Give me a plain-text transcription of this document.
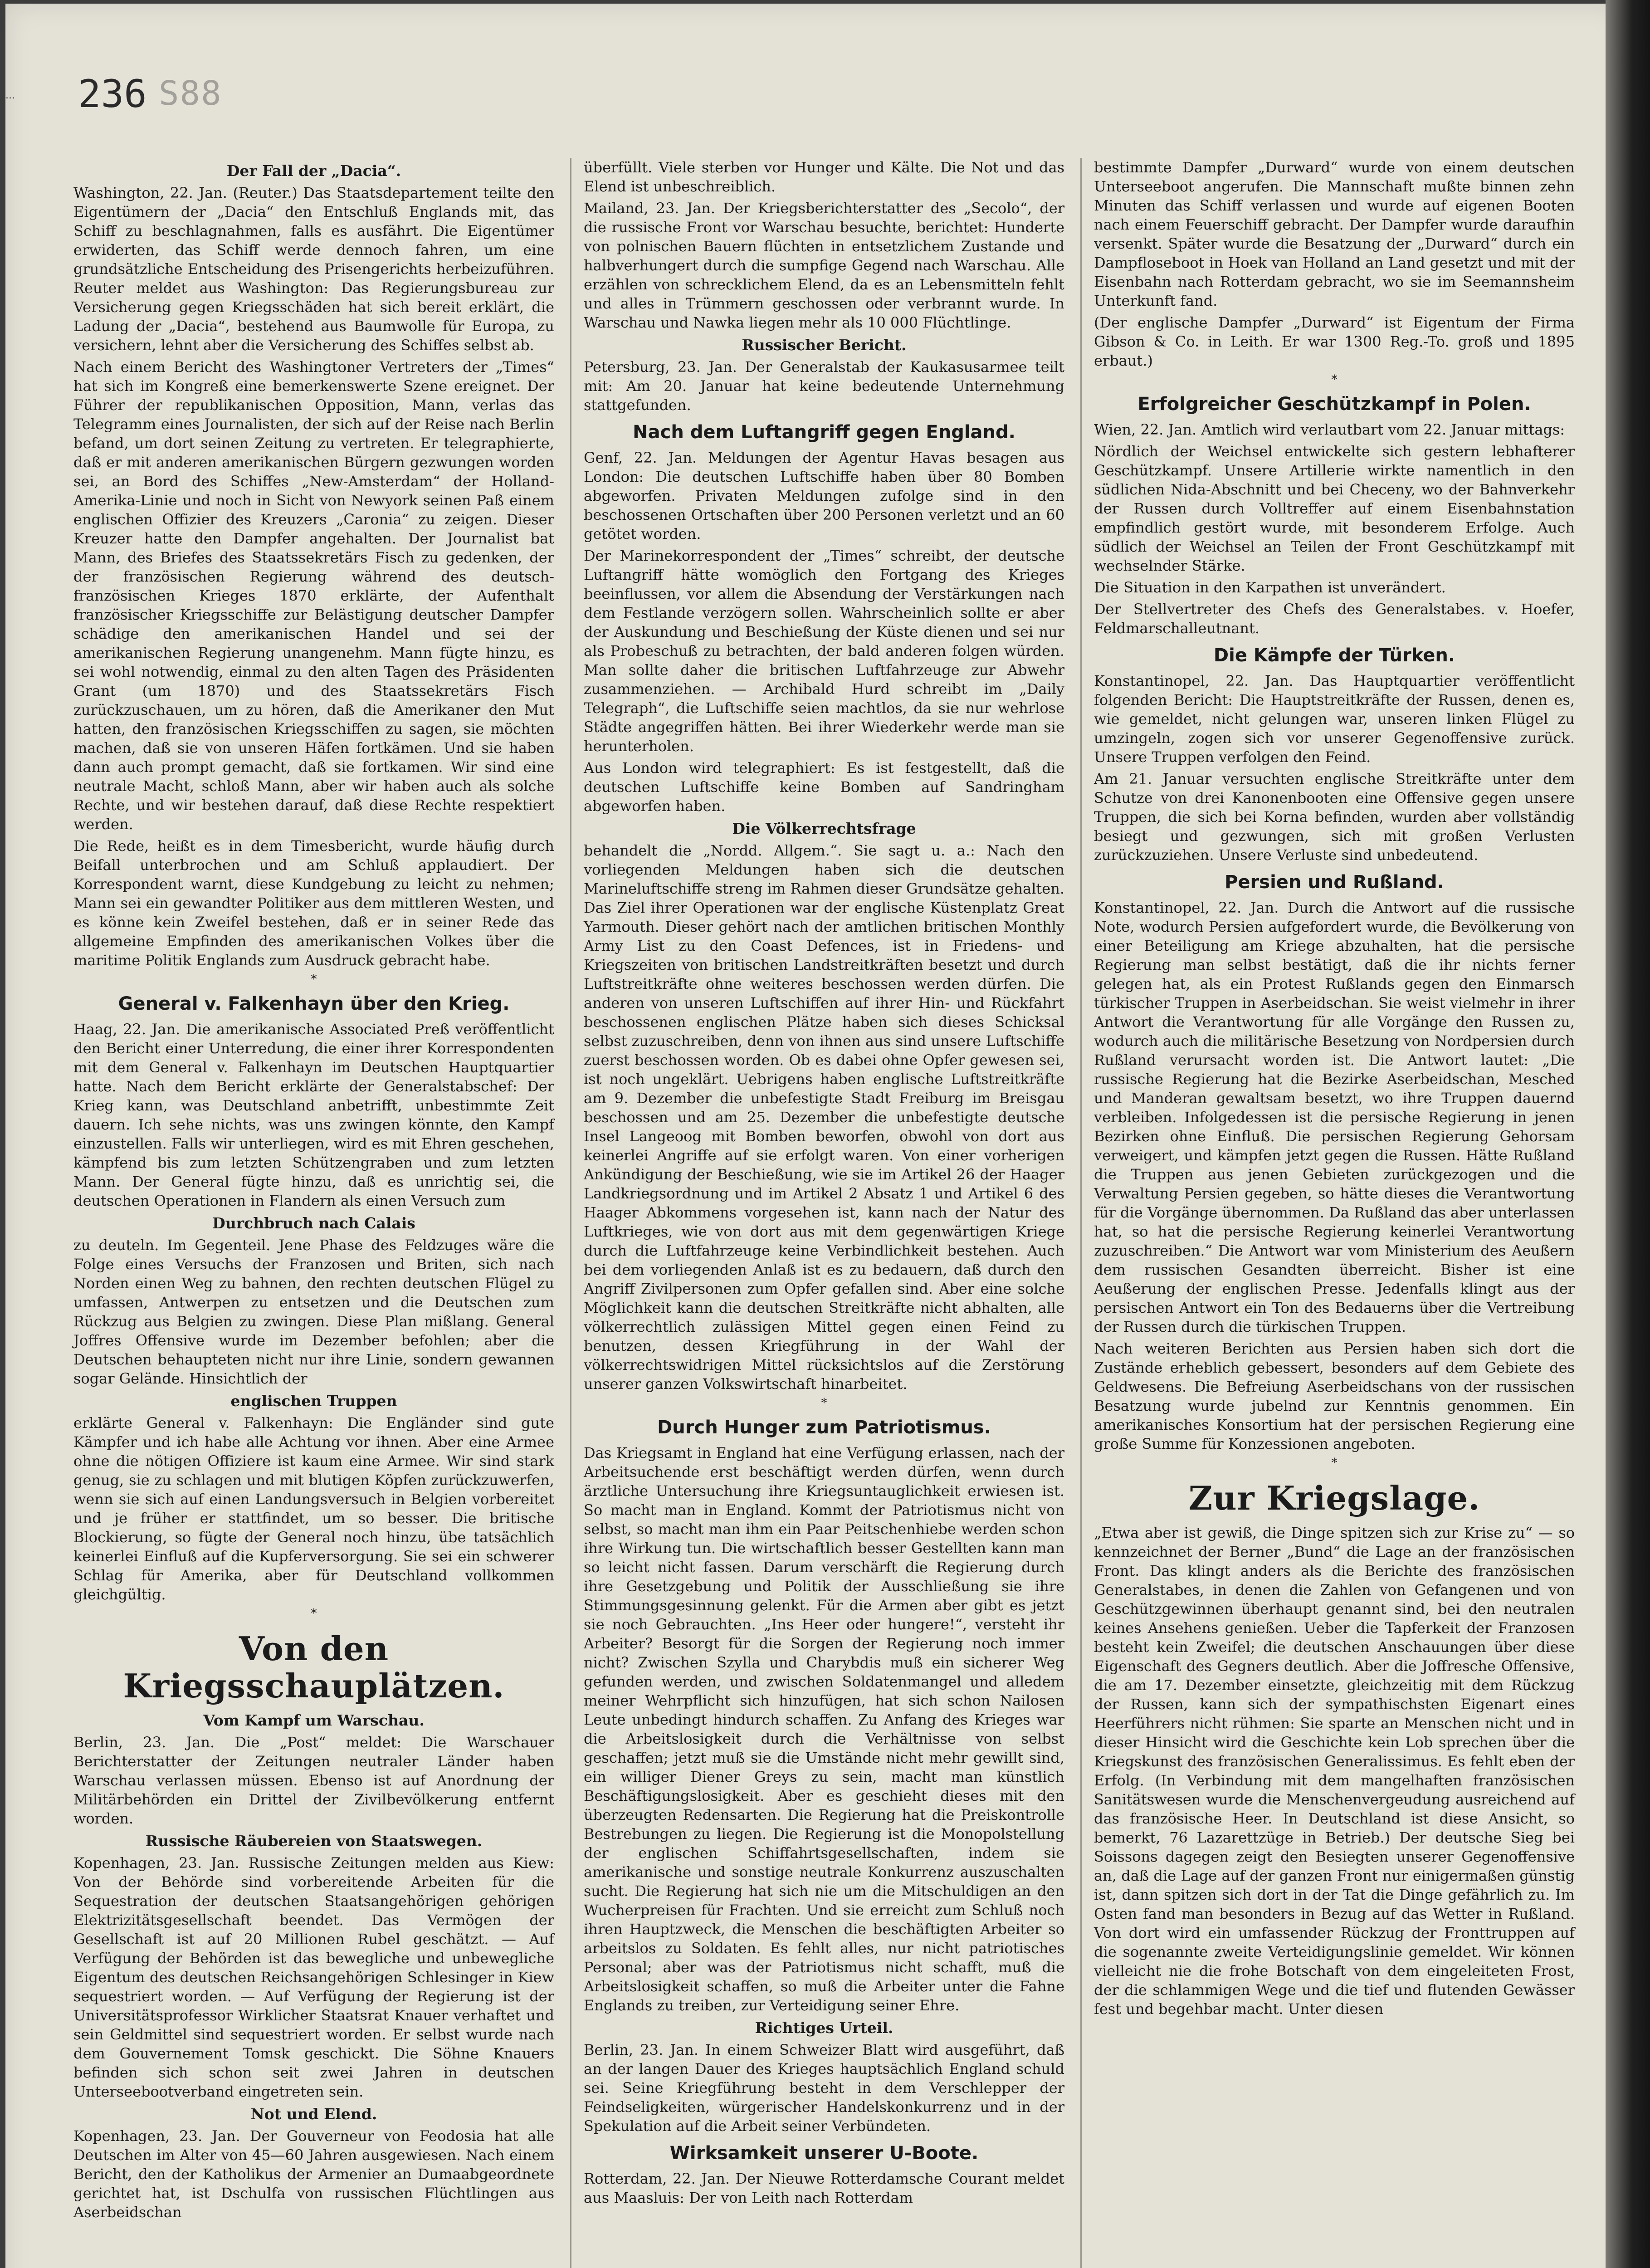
... 236 S88
Der Fall der „Dacia“.

Washington, 22. Jan. (Reuter.) Das Staatsdepartement teilte den Eigentümern der „Dacia“ den Entschluß Englands mit, das Schiff zu beschlagnahmen, falls es ausfährt. Die Eigentümer erwiderten, das Schiff werde dennoch fahren, um eine grundsätzliche Entscheidung des Prisengerichts herbeizuführen. Reuter meldet aus Washington: Das Regierungsbureau zur Versicherung gegen Kriegsschäden hat sich bereit erklärt, die Ladung der „Dacia“, bestehend aus Baumwolle für Europa, zu versichern, lehnt aber die Versicherung des Schiffes selbst ab.

Nach einem Bericht des Washingtoner Vertreters der „Times“ hat sich im Kongreß eine bemerkenswerte Szene ereignet. Der Führer der republikanischen Opposition, Mann, verlas das Telegramm eines Journalisten, der sich auf der Reise nach Berlin befand, um dort seinen Zeitung zu vertreten. Er telegraphierte, daß er mit anderen amerikanischen Bürgern gezwungen worden sei, an Bord des Schiffes „New-Amsterdam“ der Holland-Amerika-Linie und noch in Sicht von Newyork seinen Paß einem englischen Offizier des Kreuzers „Caronia“ zu zeigen. Dieser Kreuzer hatte den Dampfer angehalten. Der Journalist bat Mann, des Briefes des Staatssekretärs Fisch zu gedenken, der der französischen Regierung während des deutsch-französischen Krieges 1870 erklärte, der Aufenthalt französischer Kriegsschiffe zur Belästigung deutscher Dampfer schädige den amerikanischen Handel und sei der amerikanischen Regierung unangenehm. Mann fügte hinzu, es sei wohl notwendig, einmal zu den alten Tagen des Präsidenten Grant (um 1870) und des Staatssekretärs Fisch zurückzuschauen, um zu hören, daß die Amerikaner den Mut hatten, den französischen Kriegsschiffen zu sagen, sie möchten machen, daß sie von unseren Häfen fortkämen. Und sie haben dann auch prompt gemacht, daß sie fortkamen. Wir sind eine neutrale Macht, schloß Mann, aber wir haben auch als solche Rechte, und wir bestehen darauf, daß diese Rechte respektiert werden.

Die Rede, heißt es in dem Timesbericht, wurde häufig durch Beifall unterbrochen und am Schluß applaudiert. Der Korrespondent warnt, diese Kundgebung zu leicht zu nehmen; Mann sei ein gewandter Politiker aus dem mittleren Westen, und es könne kein Zweifel bestehen, daß er in seiner Rede das allgemeine Empfinden des amerikanischen Volkes über die maritime Politik Englands zum Ausdruck gebracht habe.

*
General v. Falkenhayn über den Krieg.

Haag, 22. Jan. Die amerikanische Associated Preß veröffentlicht den Bericht einer Unterredung, die einer ihrer Korrespondenten mit dem General v. Falkenhayn im Deutschen Hauptquartier hatte. Nach dem Bericht erklärte der Generalstabschef: Der Krieg kann, was Deutschland anbetrifft, unbestimmte Zeit dauern. Ich sehe nichts, was uns zwingen könnte, den Kampf einzustellen. Falls wir unterliegen, wird es mit Ehren geschehen, kämpfend bis zum letzten Schützengraben und zum letzten Mann. Der General fügte hinzu, daß es unrichtig sei, die deutschen Operationen in Flandern als einen Versuch zum

Durchbruch nach Calais

zu deuteln. Im Gegenteil. Jene Phase des Feldzuges wäre die Folge eines Versuchs der Franzosen und Briten, sich nach Norden einen Weg zu bahnen, den rechten deutschen Flügel zu umfassen, Antwerpen zu entsetzen und die Deutschen zum Rückzug aus Belgien zu zwingen. Diese Plan mißlang. General Joffres Offensive wurde im Dezember befohlen; aber die Deutschen behaupteten nicht nur ihre Linie, sondern gewannen sogar Gelände. Hinsichtlich der

englischen Truppen

erklärte General v. Falkenhayn: Die Engländer sind gute Kämpfer und ich habe alle Achtung vor ihnen. Aber eine Armee ohne die nötigen Offiziere ist kaum eine Armee. Wir sind stark genug, sie zu schlagen und mit blutigen Köpfen zurückzuwerfen, wenn sie sich auf einen Landungsversuch in Belgien vorbereitet und je früher er stattfindet, um so besser. Die britische Blockierung, so fügte der General noch hinzu, übe tatsächlich keinerlei Einfluß auf die Kupferversorgung. Sie sei ein schwerer Schlag für Amerika, aber für Deutschland vollkommen gleichgültig.

*
Von den Kriegsschauplätzen.
Vom Kampf um Warschau.

Berlin, 23. Jan. Die „Post“ meldet: Die Warschauer Berichterstatter der Zeitungen neutraler Länder haben Warschau verlassen müssen. Ebenso ist auf Anordnung der Militärbehörden ein Drittel der Zivilbevölkerung entfernt worden.

Russische Räubereien von Staatswegen.

Kopenhagen, 23. Jan. Russische Zeitungen melden aus Kiew: Von der Behörde sind vorbereitende Arbeiten für die Sequestration der deutschen Staatsangehörigen gehörigen Elektrizitätsgesellschaft beendet. Das Vermögen der Gesellschaft ist auf 20 Millionen Rubel geschätzt. — Auf Verfügung der Behörden ist das bewegliche und unbewegliche Eigentum des deutschen Reichsangehörigen Schlesinger in Kiew sequestriert worden. — Auf Verfügung der Regierung ist der Universitätsprofessor Wirklicher Staatsrat Knauer verhaftet und sein Geldmittel sind sequestriert worden. Er selbst wurde nach dem Gouvernement Tomsk geschickt. Die Söhne Knauers befinden sich schon seit zwei Jahren in deutschen Unterseebootverband eingetreten sein.

Not und Elend.

Kopenhagen, 23. Jan. Der Gouverneur von Feodosia hat alle Deutschen im Alter von 45—60 Jahren ausgewiesen. Nach einem Bericht, den der Katholikus der Armenier an Dumaabgeordnete gerichtet hat, ist Dschulfa von russischen Flüchtlingen aus Aserbeidschan

überfüllt. Viele sterben vor Hunger und Kälte. Die Not und das Elend ist unbeschreiblich.

Mailand, 23. Jan. Der Kriegsberichterstatter des „Secolo“, der die russische Front vor Warschau besuchte, berichtet: Hunderte von polnischen Bauern flüchten in entsetzlichem Zustande und halbverhungert durch die sumpfige Gegend nach Warschau. Alle erzählen von schrecklichem Elend, da es an Lebensmitteln fehlt und alles in Trümmern geschossen oder verbrannt wurde. In Warschau und Nawka liegen mehr als 10 000 Flüchtlinge.

Russischer Bericht.

Petersburg, 23. Jan. Der Generalstab der Kaukasusarmee teilt mit: Am 20. Januar hat keine bedeutende Unternehmung stattgefunden.

Nach dem Luftangriff gegen England.

Genf, 22. Jan. Meldungen der Agentur Havas besagen aus London: Die deutschen Luftschiffe haben über 80 Bomben abgeworfen. Privaten Meldungen zufolge sind in den beschossenen Ortschaften über 200 Personen verletzt und an 60 getötet worden.

Der Marinekorrespondent der „Times“ schreibt, der deutsche Luftangriff hätte womöglich den Fortgang des Krieges beeinflussen, vor allem die Absendung der Verstärkungen nach dem Festlande verzögern sollen. Wahrscheinlich sollte er aber der Auskundung und Beschießung der Küste dienen und sei nur als Probeschuß zu betrachten, der bald anderen folgen würden. Man sollte daher die britischen Luftfahrzeuge zur Abwehr zusammenziehen. — Archibald Hurd schreibt im „Daily Telegraph“, die Luftschiffe seien machtlos, da sie nur wehrlose Städte angegriffen hätten. Bei ihrer Wiederkehr werde man sie herunterholen.

Aus London wird telegraphiert: Es ist festgestellt, daß die deutschen Luftschiffe keine Bomben auf Sandringham abgeworfen haben.

Die Völkerrechtsfrage

behandelt die „Nordd. Allgem.“. Sie sagt u. a.: Nach den vorliegenden Meldungen haben sich die deutschen Marineluftschiffe streng im Rahmen dieser Grundsätze gehalten. Das Ziel ihrer Operationen war der englische Küstenplatz Great Yarmouth. Dieser gehört nach der amtlichen britischen Monthly Army List zu den Coast Defences, ist in Friedens- und Kriegszeiten von britischen Landstreitkräften besetzt und durch Luftstreitkräfte ohne weiteres beschossen werden dürfen. Die anderen von unseren Luftschiffen auf ihrer Hin- und Rückfahrt beschossenen englischen Plätze haben sich dieses Schicksal selbst zuzuschreiben, denn von ihnen aus sind unsere Luftschiffe zuerst beschossen worden. Ob es dabei ohne Opfer gewesen sei, ist noch ungeklärt. Uebrigens haben englische Luftstreitkräfte am 9. Dezember die unbefestigte Stadt Freiburg im Breisgau beschossen und am 25. Dezember die unbefestigte deutsche Insel Langeoog mit Bomben beworfen, obwohl von dort aus keinerlei Angriffe auf sie erfolgt waren. Von einer vorherigen Ankündigung der Beschießung, wie sie im Artikel 26 der Haager Landkriegsordnung und im Artikel 2 Absatz 1 und Artikel 6 des Haager Abkommens vorgesehen ist, kann nach der Natur des Luftkrieges, wie von dort aus mit dem gegenwärtigen Kriege durch die Luftfahrzeuge keine Verbindlichkeit bestehen. Auch bei dem vorliegenden Anlaß ist es zu bedauern, daß durch den Angriff Zivilpersonen zum Opfer gefallen sind. Aber eine solche Möglichkeit kann die deutschen Streitkräfte nicht abhalten, alle völkerrechtlich zulässigen Mittel gegen einen Feind zu benutzen, dessen Kriegführung in der Wahl der völkerrechtswidrigen Mittel rücksichtslos auf die Zerstörung unserer ganzen Volkswirtschaft hinarbeitet.

*
Durch Hunger zum Patriotismus.

Das Kriegsamt in England hat eine Verfügung erlassen, nach der Arbeitsuchende erst beschäftigt werden dürfen, wenn durch ärztliche Untersuchung ihre Kriegsuntauglichkeit erwiesen ist. So macht man in England. Kommt der Patriotismus nicht von selbst, so macht man ihm ein Paar Peitschenhiebe werden schon ihre Wirkung tun. Die wirtschaftlich besser Gestellten kann man so leicht nicht fassen. Darum verschärft die Regierung durch ihre Gesetzgebung und Politik der Ausschließung sie ihre Stimmungsgesinnung gelenkt. Für die Armen aber gibt es jetzt sie noch Gebrauchten. „Ins Heer oder hungere!“, versteht ihr Arbeiter? Besorgt für die Sorgen der Regierung noch immer nicht? Zwischen Szylla und Charybdis muß ein sicherer Weg gefunden werden, und zwischen Soldatenmangel und alledem meiner Wehrpflicht sich hinzufügen, hat sich schon Nailosen Leute unbedingt hindurch schaffen. Zu Anfang des Krieges war die Arbeitslosigkeit durch die Verhältnisse von selbst geschaffen; jetzt muß sie die Umstände nicht mehr gewillt sind, ein williger Diener Greys zu sein, macht man künstlich Beschäftigungslosigkeit. Aber es geschieht dieses mit den überzeugten Redensarten. Die Regierung hat die Preiskontrolle Bestrebungen zu liegen. Die Regierung ist die Monopolstellung der englischen Schiffahrtsgesellschaften, indem sie amerikanische und sonstige neutrale Konkurrenz auszuschalten sucht. Die Regierung hat sich nie um die Mitschuldigen an den Wucherpreisen für Frachten. Und sie erreicht zum Schluß noch ihren Hauptzweck, die Menschen die beschäftigten Arbeiter so arbeitslos zu Soldaten. Es fehlt alles, nur nicht patriotisches Personal; aber was der Patriotismus nicht schafft, muß die Arbeitslosigkeit schaffen, so muß die Arbeiter unter die Fahne Englands zu treiben, zur Verteidigung seiner Ehre.

Richtiges Urteil.

Berlin, 23. Jan. In einem Schweizer Blatt wird ausgeführt, daß an der langen Dauer des Krieges hauptsächlich England schuld sei. Seine Kriegführung besteht in dem Verschlepper der Feindseligkeiten, würgerischer Handelskonkurrenz und in der Spekulation auf die Arbeit seiner Verbündeten.

Wirksamkeit unserer U-Boote.

Rotterdam, 22. Jan. Der Nieuwe Rotterdamsche Courant meldet aus Maasluis: Der von Leith nach Rotterdam

bestimmte Dampfer „Durward“ wurde von einem deutschen Unterseeboot angerufen. Die Mannschaft mußte binnen zehn Minuten das Schiff verlassen und wurde auf eigenen Booten nach einem Feuerschiff gebracht. Der Dampfer wurde daraufhin versenkt. Später wurde die Besatzung der „Durward“ durch ein Dampfloseboot in Hoek van Holland an Land gesetzt und mit der Eisenbahn nach Rotterdam gebracht, wo sie im Seemannsheim Unterkunft fand.

(Der englische Dampfer „Durward“ ist Eigentum der Firma Gibson & Co. in Leith. Er war 1300 Reg.-To. groß und 1895 erbaut.)

*
Erfolgreicher Geschützkampf in Polen.

Wien, 22. Jan. Amtlich wird verlautbart vom 22. Januar mittags:

Nördlich der Weichsel entwickelte sich gestern lebhafterer Geschützkampf. Unsere Artillerie wirkte namentlich in den südlichen Nida-Abschnitt und bei Checeny, wo der Bahnverkehr der Russen durch Volltreffer auf einem Eisenbahnstation empfindlich gestört wurde, mit besonderem Erfolge. Auch südlich der Weichsel an Teilen der Front Geschützkampf mit wechselnder Stärke.

Die Situation in den Karpathen ist unverändert.

Der Stellvertreter des Chefs des Generalstabes. v. Hoefer, Feldmarschalleutnant.

Die Kämpfe der Türken.

Konstantinopel, 22. Jan. Das Hauptquartier veröffentlicht folgenden Bericht: Die Hauptstreitkräfte der Russen, denen es, wie gemeldet, nicht gelungen war, unseren linken Flügel zu umzingeln, zogen sich vor unserer Gegenoffensive zurück. Unsere Truppen verfolgen den Feind.

Am 21. Januar versuchten englische Streitkräfte unter dem Schutze von drei Kanonenbooten eine Offensive gegen unsere Truppen, die sich bei Korna befinden, wurden aber vollständig besiegt und gezwungen, sich mit großen Verlusten zurückzuziehen. Unsere Verluste sind unbedeutend.

Persien und Rußland.

Konstantinopel, 22. Jan. Durch die Antwort auf die russische Note, wodurch Persien aufgefordert wurde, die Bevölkerung von einer Beteiligung am Kriege abzuhalten, hat die persische Regierung man selbst bestätigt, daß die ihr nichts ferner gelegen hat, als ein Protest Rußlands gegen den Einmarsch türkischer Truppen in Aserbeidschan. Sie weist vielmehr in ihrer Antwort die Verantwortung für alle Vorgänge den Russen zu, wodurch auch die militärische Besetzung von Nordpersien durch Rußland verursacht worden ist. Die Antwort lautet: „Die russische Regierung hat die Bezirke Aserbeidschan, Mesched und Manderan gewaltsam besetzt, wo ihre Truppen dauernd verbleiben. Infolgedessen ist die persische Regierung in jenen Bezirken ohne Einfluß. Die persischen Regierung Gehorsam verweigert, und kämpfen jetzt gegen die Russen. Hätte Rußland die Truppen aus jenen Gebieten zurückgezogen und die Verwaltung Persien gegeben, so hätte dieses die Verantwortung für die Vorgänge übernommen. Da Rußland das aber unterlassen hat, so hat die persische Regierung keinerlei Verantwortung zuzuschreiben.“ Die Antwort war vom Ministerium des Aeußern dem russischen Gesandten überreicht. Bisher ist eine Aeußerung der englischen Presse. Jedenfalls klingt aus der persischen Antwort ein Ton des Bedauerns über die Vertreibung der Russen durch die türkischen Truppen.

Nach weiteren Berichten aus Persien haben sich dort die Zustände erheblich gebessert, besonders auf dem Gebiete des Geldwesens. Die Befreiung Aserbeidschans von der russischen Besatzung wurde jubelnd zur Kenntnis genommen. Ein amerikanisches Konsortium hat der persischen Regierung eine große Summe für Konzessionen angeboten.

*
Zur Kriegslage.

„Etwa aber ist gewiß, die Dinge spitzen sich zur Krise zu“ — so kennzeichnet der Berner „Bund“ die Lage an der französischen Front. Das klingt anders als die Berichte des französischen Generalstabes, in denen die Zahlen von Gefangenen und von Geschützgewinnen überhaupt genannt sind, bei den neutralen keines Ansehens genießen. Ueber die Tapferkeit der Franzosen besteht kein Zweifel; die deutschen Anschauungen über diese Eigenschaft des Gegners deutlich. Aber die Joffresche Offensive, die am 17. Dezember einsetzte, gleichzeitig mit dem Rückzug der Russen, kann sich der sympathischsten Eigenart eines Heerführers nicht rühmen: Sie sparte an Menschen nicht und in dieser Hinsicht wird die Geschichte kein Lob sprechen über die Kriegskunst des französischen Generalissimus. Es fehlt eben der Erfolg. (In Verbindung mit dem mangelhaften französischen Sanitätswesen wurde die Menschenvergeudung ausreichend auf das französische Heer. In Deutschland ist diese Ansicht, so bemerkt, 76 Lazarettzüge in Betrieb.) Der deutsche Sieg bei Soissons dagegen zeigt den Besiegten unserer Gegenoffensive an, daß die Lage auf der ganzen Front nur einigermaßen günstig ist, dann spitzen sich dort in der Tat die Dinge gefährlich zu. Im Osten fand man besonders in Bezug auf das Wetter in Rußland. Von dort wird ein umfassender Rückzug der Fronttruppen auf die sogenannte zweite Verteidigungslinie gemeldet. Wir können vielleicht nie die frohe Botschaft von dem eingeleiteten Frost, der die schlammigen Wege und die tief und flutenden Gewässer fest und begehbar macht. Unter diesen
